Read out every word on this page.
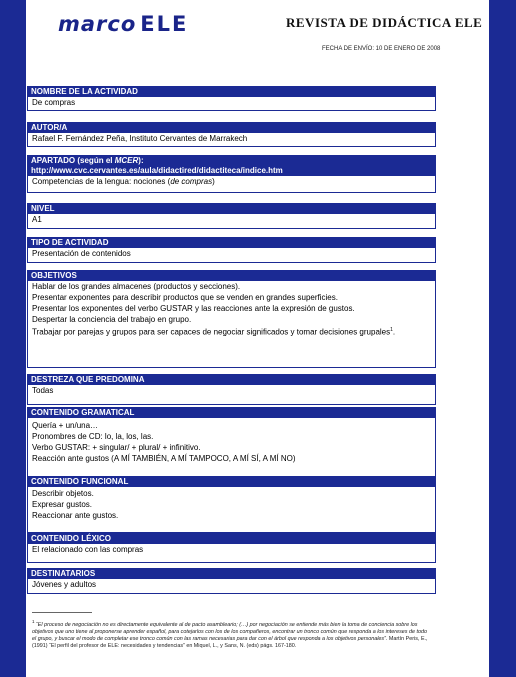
marco ELE	REVISTA DE DIDÁCTICA ELE
FECHA DE ENVÍO: 10 DE ENERO DE 2008
NOMBRE DE LA ACTIVIDAD
De compras
AUTOR/A
Rafael F. Fernández Peña, Instituto Cervantes de Marrakech
APARTADO (según el MCER):
http://www.cvc.cervantes.es/aula/didactired/didactiteca/indice.htm
Competencias de la lengua: nociones (de compras)
NIVEL
A1
TIPO DE ACTIVIDAD
Presentación de contenidos
OBJETIVOS

Hablar de los grandes almacenes (productos y secciones).

Presentar exponentes para describir productos que se venden en grandes superficies.

Presentar los exponentes del verbo GUSTAR y las reacciones ante la expresión de gustos.

Despertar la conciencia del trabajo en grupo.

Trabajar por parejas y grupos para ser capaces de negociar significados y tomar decisiones grupales$^1$.

DESTREZA QUE PREDOMINA
Todas
CONTENIDO GRAMATICAL
Quería + un/una…
Pronombres de CD: lo, la, los, las.
Verbo GUSTAR: + singular/ + plural/ + infinitivo.
Reacción ante gustos (A MÍ TAMBIÉN, A MÍ TAMPOCO, A MÍ SÍ, A MÍ NO)
CONTENIDO FUNCIONAL
Describir objetos.
Expresar gustos.
Reaccionar ante gustos.
CONTENIDO LÉXICO
El relacionado con las compras
DESTINATARIOS
Jóvenes y adultos
$^1$ “El proceso de negociación no es directamente equivalente al de pacto asambleario; (…) por negociación se entiende más bien la toma de conciencia sobre los objetivos que uno tiene al proponerse aprender español, para cotejarlos con los de los compañeros, encontrar un tronco común que responda a los intereses de todo el grupo, y buscar el modo de completar ese tronco común con las ramas necesarias para dar con el árbol que responda a los objetivos personales”. Martín Peris, E., (1991) “El perfil del profesor de ELE: necesidades y tendencias” en Miquel, L., y Sans, N. (eds) págs. 167-180.
